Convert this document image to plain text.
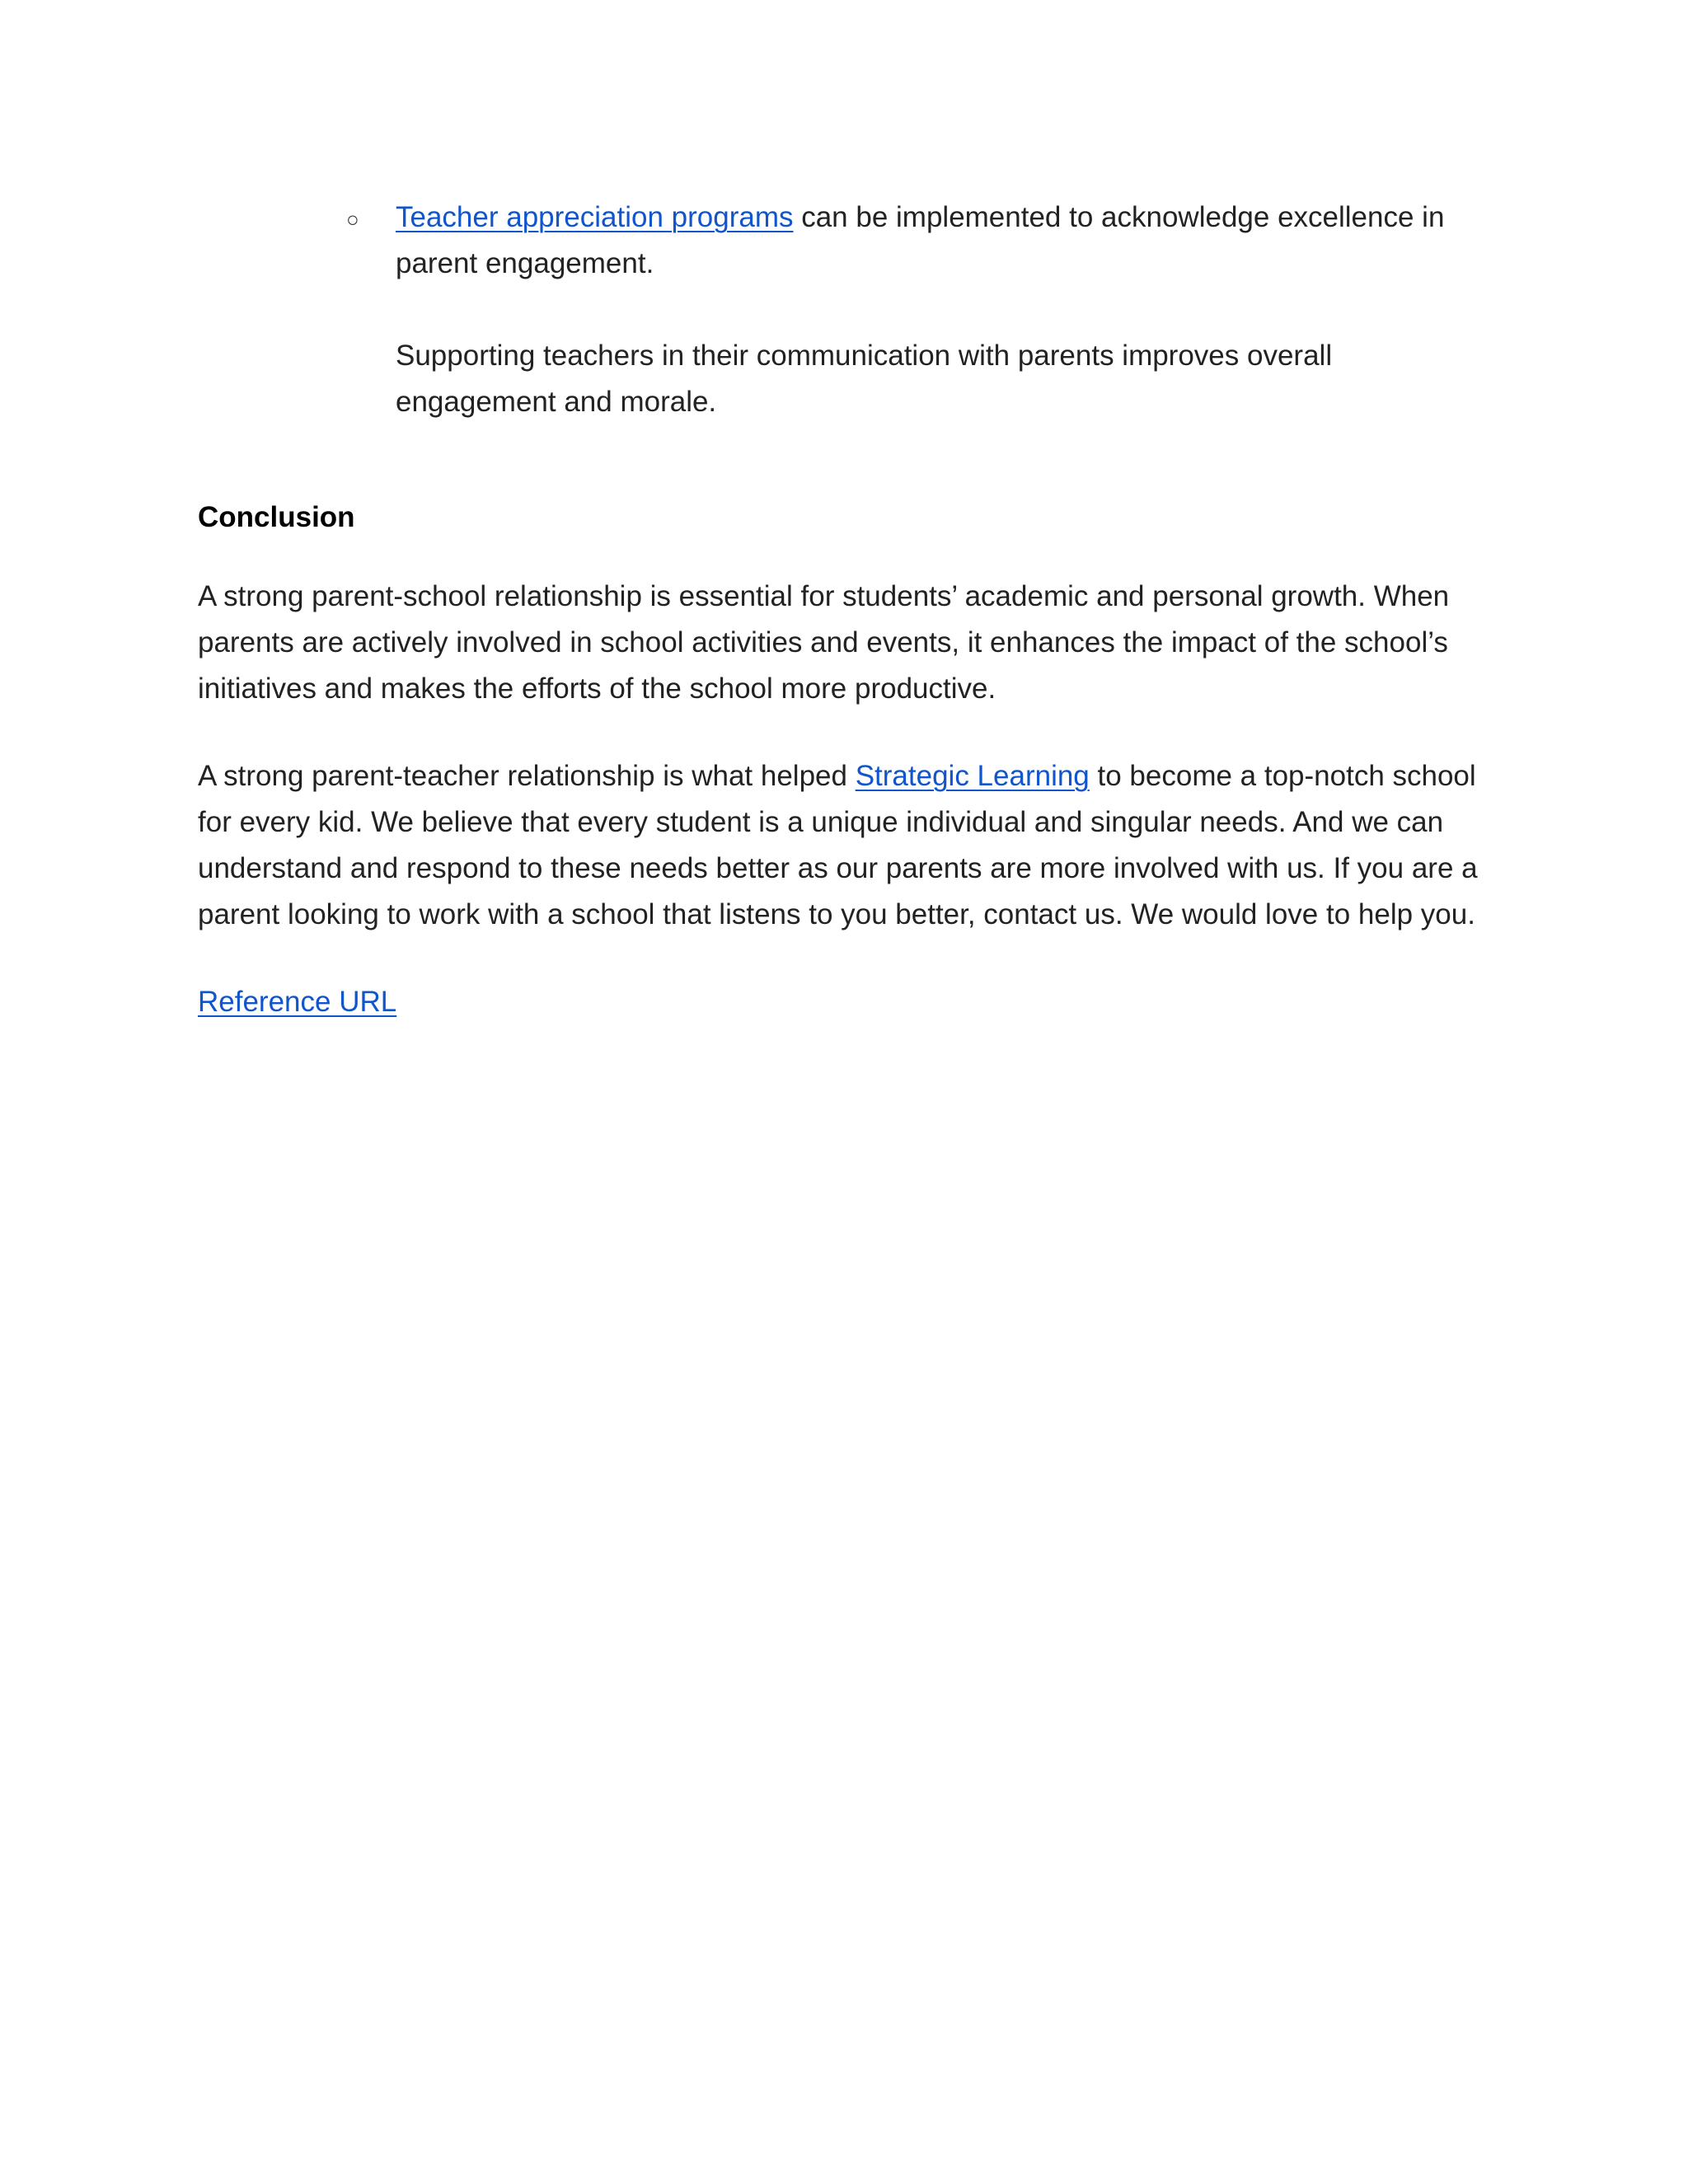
○ Teacher appreciation programs can be implemented to acknowledge excellence in parent engagement.
Supporting teachers in their communication with parents improves overall engagement and morale.
Conclusion
A strong parent-school relationship is essential for students’ academic and personal growth. When parents are actively involved in school activities and events, it enhances the impact of the school’s initiatives and makes the efforts of the school more productive.
A strong parent-teacher relationship is what helped Strategic Learning to become a top-notch school for every kid. We believe that every student is a unique individual and singular needs. And we can understand and respond to these needs better as our parents are more involved with us. If you are a parent looking to work with a school that listens to you better, contact us. We would love to help you.
Reference URL
